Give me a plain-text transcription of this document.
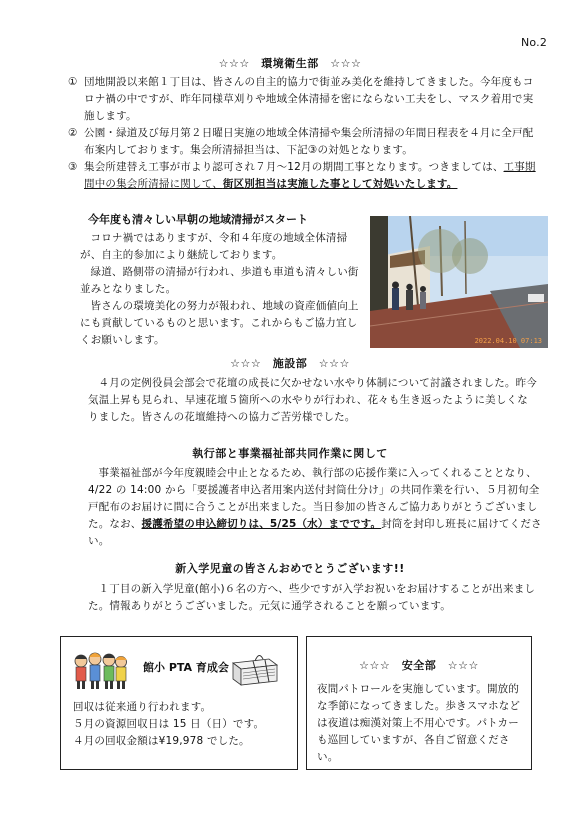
No.2
☆☆☆　環境衛生部　☆☆☆
① 団地開設以来館１丁目は、皆さんの自主的協力で街並み美化を維持してきました。今年度もコロナ禍の中ですが、昨年同様草刈りや地域全体清掃を密にならない工夫をし、マスク着用で実施します。
② 公園・緑道及び毎月第２日曜日実施の地域全体清掃や集会所清掃の年間日程表を４月に全戸配布案内しております。集会所清掃担当は、下記③の対処となります。
③ 集会所建替え工事が市より認可され７月～12月の期間工事となります。つきましては、工事期間中の集会所清掃に関して、街区別担当は実施した事として対処いたします。
今年度も清々しい早朝の地域清掃がスタート
コロナ禍ではありますが、令和４年度の地域全体清掃が、自主的参加により継続しております。
緑道、路側帯の清掃が行われ、歩道も車道も清々しい街並みとなりました。
皆さんの環境美化の努力が報われ、地域の資産価値向上にも貢献しているものと思います。これからもご協力宜しくお願いします。	2022.04.10 07:13
☆☆☆　施設部　☆☆☆
４月の定例役員会部会で花壇の成長に欠かせない水やり体制について討議されました。昨今気温上昇も見られ、早速花壇５箇所への水やりが行われ、花々も生き返ったように美しくなりました。皆さんの花壇維持への協力ご苦労様でした。
執行部と事業福祉部共同作業に関して
事業福祉部が今年度親睦会中止となるため、執行部の応援作業に入ってくれることとなり、4/22 の 14:00 から「要援護者申込者用案内送付封筒仕分け」の共同作業を行い、５月初旬全戸配布のお届けに間に合うことが出来ました。当日参加の皆さんご協力ありがとうございました。なお、援護希望の申込締切りは、5/25（水）までです。封筒を封印し班長に届けてください。
新入学児童の皆さんおめでとうございます!!
１丁目の新入学児童(館小)６名の方へ、些少ですが入学お祝いをお届けすることが出来ました。情報ありがとうございました。元気に通学されることを願っています。
館小 PTA 育成会
回収は従来通り行われます。
５月の資源回収日は 15 日（日）です。
４月の回収金額は¥19,978 でした。
☆☆☆　安全部　☆☆☆
夜間パトロールを実施しています。開放的な季節になってきました。歩きスマホなどは夜道は痴漢対策上不用心です。パトカーも巡回していますが、各自ご留意ください。
